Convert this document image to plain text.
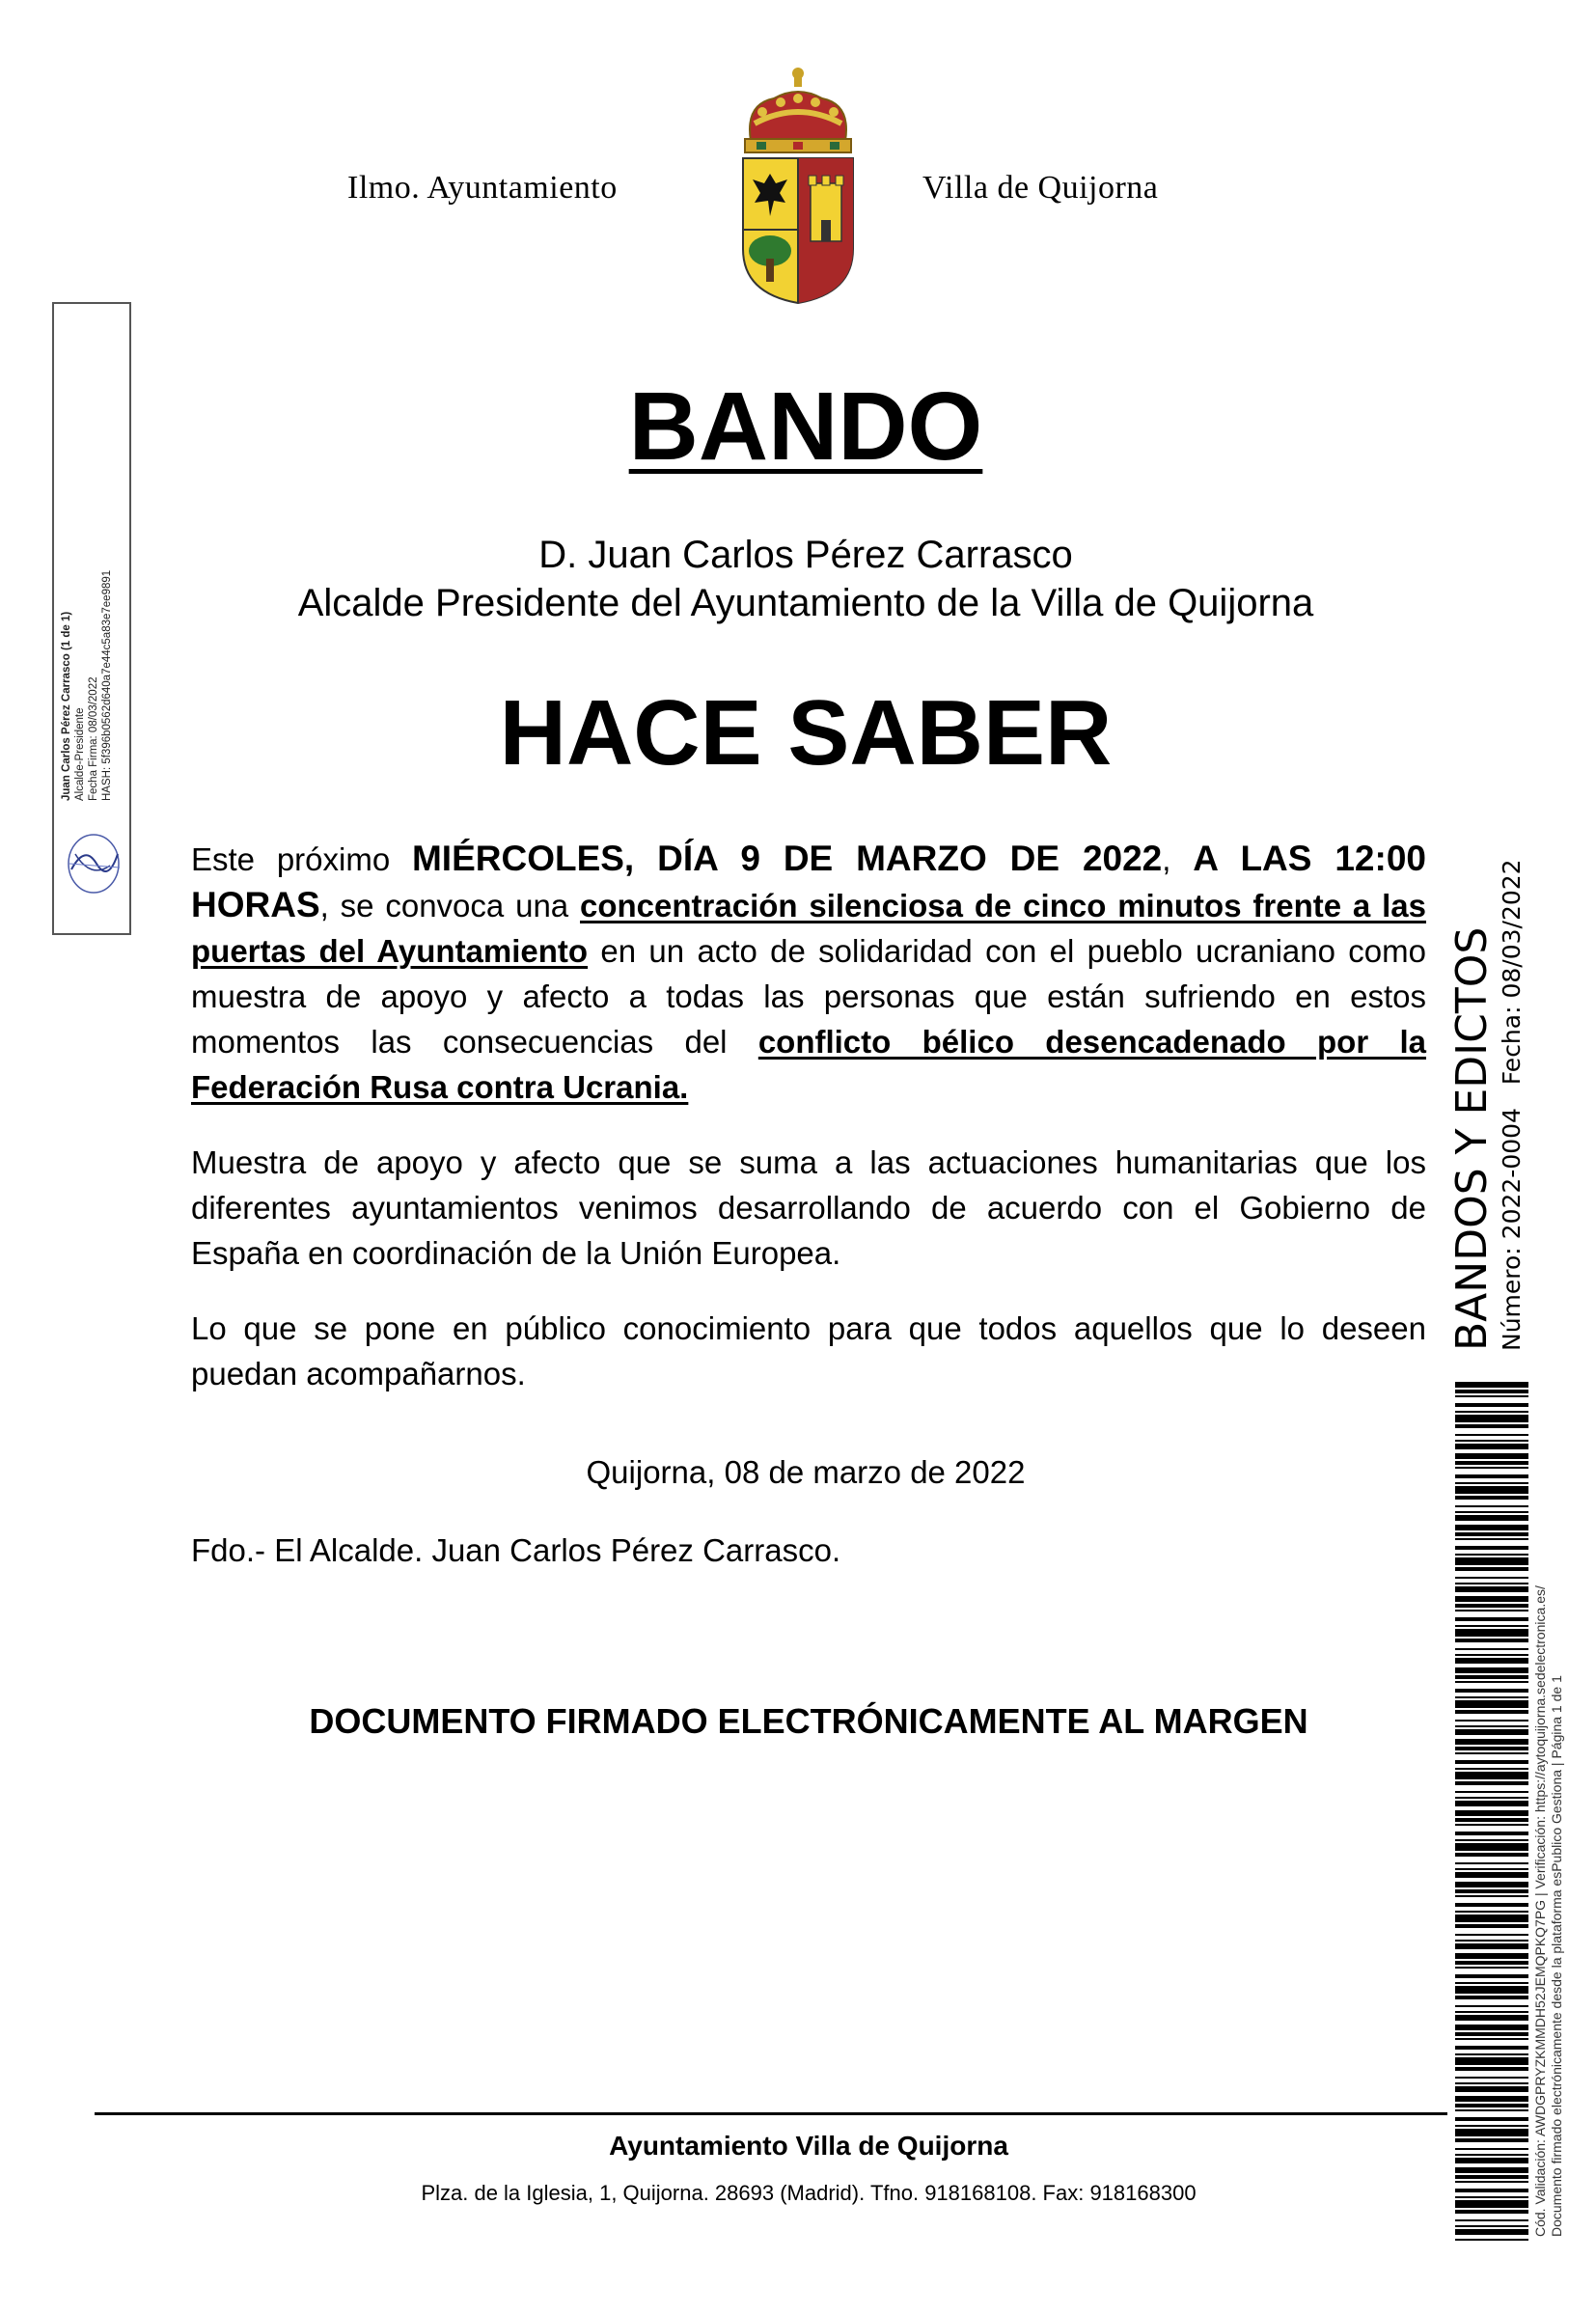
Ilmo. Ayuntamiento	Villa de Quijorna
Juan Carlos Pérez Carrasco (1 de 1) Alcalde-Presidente Fecha Firma: 08/03/2022 HASH: 5f396b0562d640a7e44c5a83e7ee9891
BANDO
D. Juan Carlos Pérez Carrasco
Alcalde Presidente del Ayuntamiento de la Villa de Quijorna
HACE SABER
Este próximo MIÉRCOLES, DÍA 9 DE MARZO DE 2022, A LAS 12:00 HORAS, se convoca una concentración silenciosa de cinco minutos frente a las puertas del Ayuntamiento en un acto de solidaridad con el pueblo ucraniano como muestra de apoyo y afecto a todas las personas que están sufriendo en estos momentos las consecuencias del conflicto bélico desencadenado por la Federación Rusa contra Ucrania.
Muestra de apoyo y afecto que se suma a las actuaciones humanitarias que los diferentes ayuntamientos venimos desarrollando de acuerdo con el Gobierno de España en coordinación de la Unión Europea.
Lo que se pone en público conocimiento para que todos aquellos que lo deseen puedan acompañarnos.
Quijorna, 08 de marzo de 2022
Fdo.- El Alcalde. Juan Carlos Pérez Carrasco.
DOCUMENTO FIRMADO ELECTRÓNICAMENTE AL MARGEN
BANDOS Y EDICTOS Número: 2022-0004   Fecha: 08/03/2022
Cód. Validación: AWDGPRYZKMMDH52JEMQPKQ7PG | Verificación: https://aytoquijorna.sedelectronica.es/ Documento firmado electrónicamente desde la plataforma esPublico Gestiona | Página 1 de 1
Ayuntamiento Villa de Quijorna
Plza. de la Iglesia, 1, Quijorna. 28693 (Madrid). Tfno. 918168108. Fax: 918168300
